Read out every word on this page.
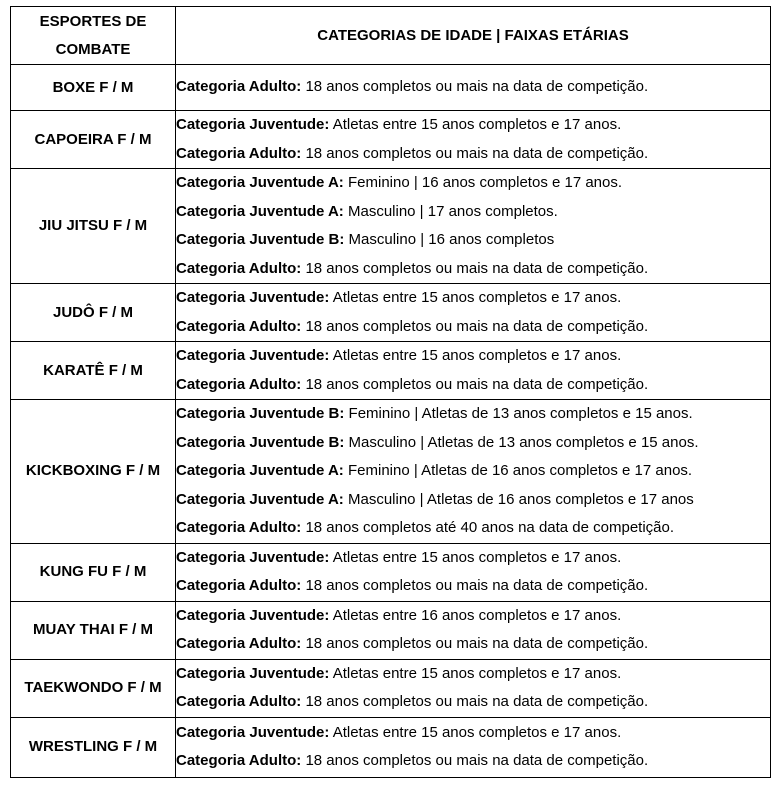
ESPORTES DE COMBATE	CATEGORIAS DE IDADE | FAIXAS ETÁRIAS
BOXE F / M	Categoria Adulto: 18 anos completos ou mais na data de competição.

CAPOEIRA F / M	Categoria Juventude: Atletas entre 15 anos completos e 17 anos.
Categoria Adulto: 18 anos completos ou mais na data de competição.

JIU JITSU F / M	Categoria Juventude A: Feminino | 16 anos completos e 17 anos.
Categoria Juventude A: Masculino | 17 anos completos.
Categoria Juventude B: Masculino | 16 anos completos
Categoria Adulto: 18 anos completos ou mais na data de competição.

JUDÔ F / M	Categoria Juventude: Atletas entre 15 anos completos e 17 anos.
Categoria Adulto: 18 anos completos ou mais na data de competição.

KARATÊ F / M	Categoria Juventude: Atletas entre 15 anos completos e 17 anos.
Categoria Adulto: 18 anos completos ou mais na data de competição.

KICKBOXING F / M	Categoria Juventude B: Feminino | Atletas de 13 anos completos e 15 anos.
Categoria Juventude B: Masculino | Atletas de 13 anos completos e 15 anos.
Categoria Juventude A: Feminino | Atletas de 16 anos completos e 17 anos.
Categoria Juventude A: Masculino | Atletas de 16 anos completos e 17 anos
Categoria Adulto: 18 anos completos até 40 anos na data de competição.

KUNG FU F / M	Categoria Juventude: Atletas entre 15 anos completos e 17 anos.
Categoria Adulto: 18 anos completos ou mais na data de competição.

MUAY THAI F / M	Categoria Juventude: Atletas entre 16 anos completos e 17 anos.
Categoria Adulto: 18 anos completos ou mais na data de competição.

TAEKWONDO F / M	Categoria Juventude: Atletas entre 15 anos completos e 17 anos.
Categoria Adulto: 18 anos completos ou mais na data de competição.

WRESTLING F / M	Categoria Juventude: Atletas entre 15 anos completos e 17 anos.
Categoria Adulto: 18 anos completos ou mais na data de competição.
